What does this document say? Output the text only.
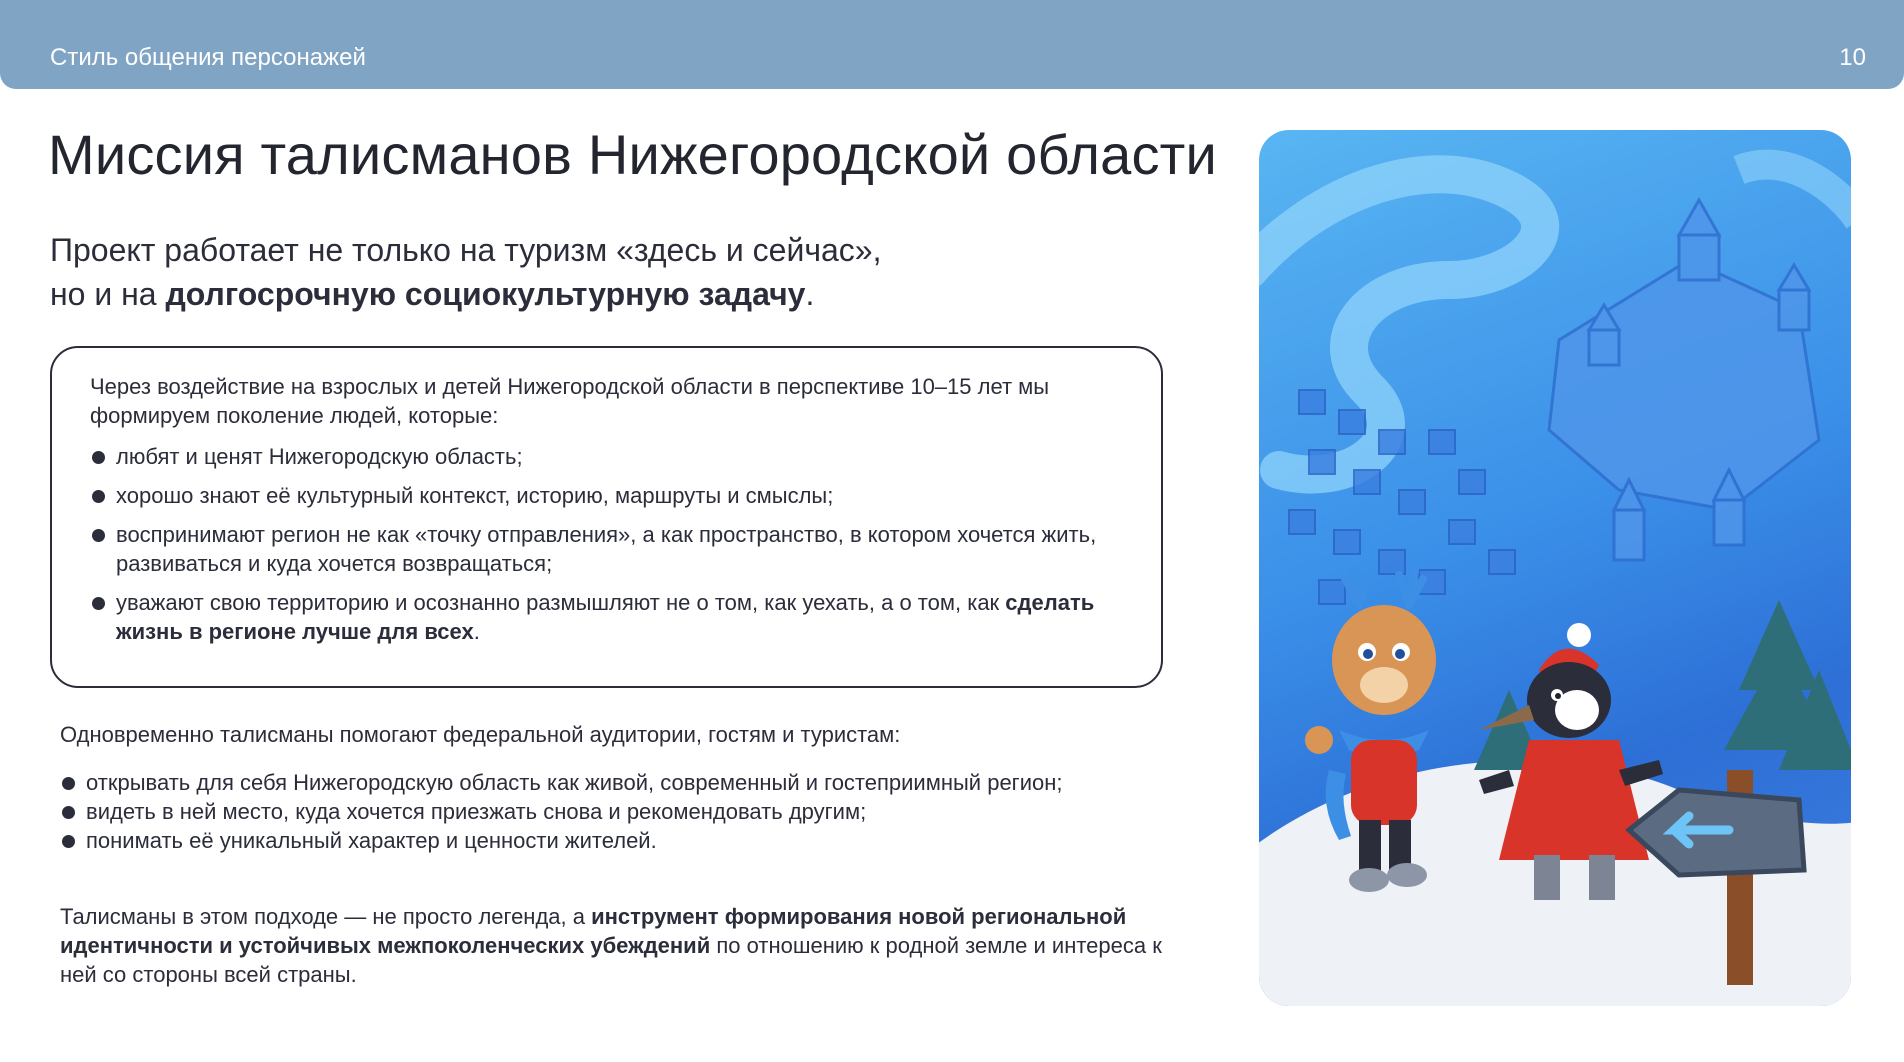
Стиль общения персонажей	10
Миссия талисманов Нижегородской области
Проект работает не только на туризм «здесь и сейчас»,
но и на долгосрочную социокультурную задачу.

Через воздействие на взрослых и детей Нижегородской области в перспективе 10–15 лет мы формируем поколение людей, которые:

любят и ценят Нижегородскую область;
хорошо знают её культурный контекст, историю, маршруты и смыслы;
воспринимают регион не как «точку отправления», а как пространство, в котором хочется жить, развиваться и куда хочется возвращаться;
уважают свою территорию и осознанно размышляют не о том, как уехать, а о том, как сделать жизнь в регионе лучше для всех.
Одновременно талисманы помогают федеральной аудитории, гостям и туристам:
открывать для себя Нижегородскую область как живой, современный и гостеприимный регион;
видеть в ней место, куда хочется приезжать снова и рекомендовать другим;
понимать её уникальный характер и ценности жителей.
Талисманы в этом подходе — не просто легенда, а инструмент формирования новой региональной идентичности и устойчивых межпоколенческих убеждений по отношению к родной земле и интереса к ней со стороны всей страны.
